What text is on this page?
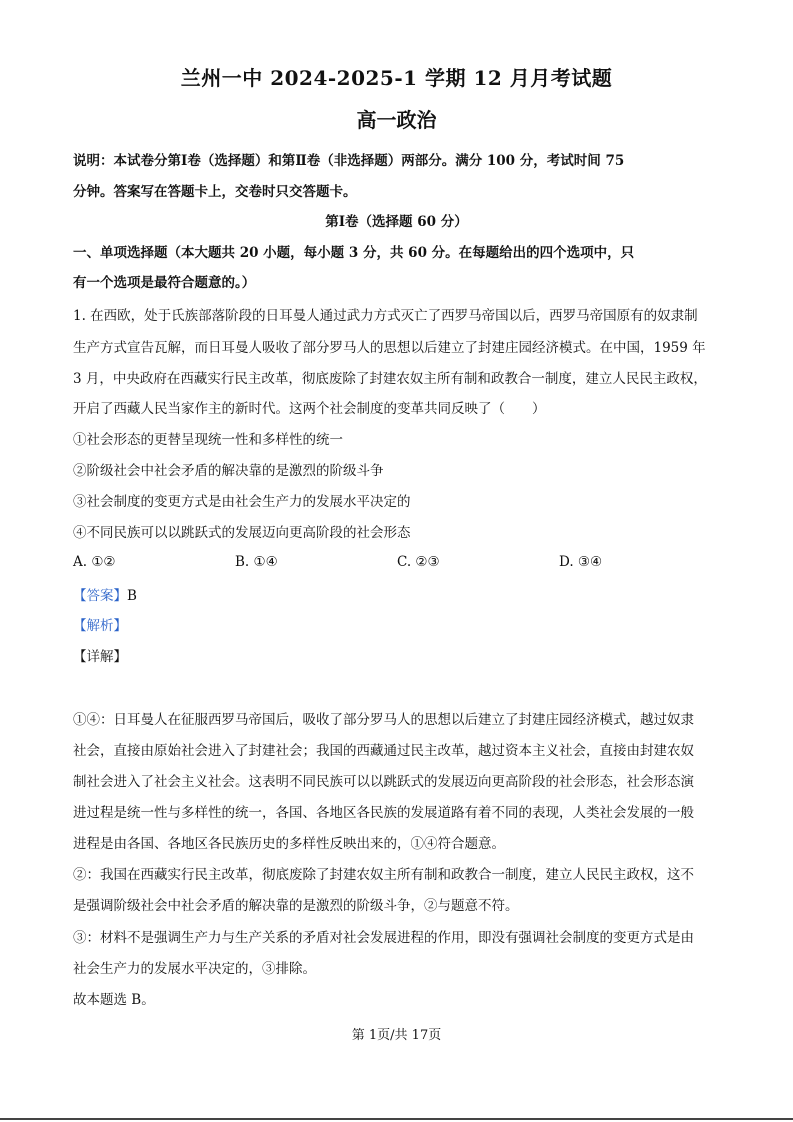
兰州一中 2024-2025-1 学期 12 月月考试题
高一政治
说明：本试卷分第Ⅰ卷（选择题）和第Ⅱ卷（非选择题）两部分。满分 100 分，考试时间 75
分钟。答案写在答题卡上，交卷时只交答题卡。
第Ⅰ卷（选择题 60 分）
一、单项选择题（本大题共 20 小题，每小题 3 分，共 60 分。在每题给出的四个选项中，只
有一个选项是最符合题意的。）
1. 在西欧，处于氏族部落阶段的日耳曼人通过武力方式灭亡了西罗马帝国以后，西罗马帝国原有的奴隶制
生产方式宣告瓦解，而日耳曼人吸收了部分罗马人的思想以后建立了封建庄园经济模式。在中国，1959 年
3 月，中央政府在西藏实行民主改革，彻底废除了封建农奴主所有制和政教合一制度，建立人民民主政权，
开启了西藏人民当家作主的新时代。这两个社会制度的变革共同反映了（　　）
①社会形态的更替呈现统一性和多样性的统一
②阶级社会中社会矛盾的解决靠的是激烈的阶级斗争
③社会制度的变更方式是由社会生产力的发展水平决定的
④不同民族可以以跳跃式的发展迈向更高阶段的社会形态
A. ①②	B. ①④	C. ②③	D. ③④
【答案】B
【解析】
【详解】
①④：日耳曼人在征服西罗马帝国后，吸收了部分罗马人的思想以后建立了封建庄园经济模式，越过奴隶
社会，直接由原始社会进入了封建社会；我国的西藏通过民主改革，越过资本主义社会，直接由封建农奴
制社会进入了社会主义社会。这表明不同民族可以以跳跃式的发展迈向更高阶段的社会形态，社会形态演
进过程是统一性与多样性的统一，各国、各地区各民族的发展道路有着不同的表现，人类社会发展的一般
进程是由各国、各地区各民族历史的多样性反映出来的，①④符合题意。
②：我国在西藏实行民主改革，彻底废除了封建农奴主所有制和政教合一制度，建立人民民主政权，这不
是强调阶级社会中社会矛盾的解决靠的是激烈的阶级斗争，②与题意不符。
③：材料不是强调生产力与生产关系的矛盾对社会发展进程的作用，即没有强调社会制度的变更方式是由
社会生产力的发展水平决定的，③排除。
故本题选 B。
第 1页/共 17页
